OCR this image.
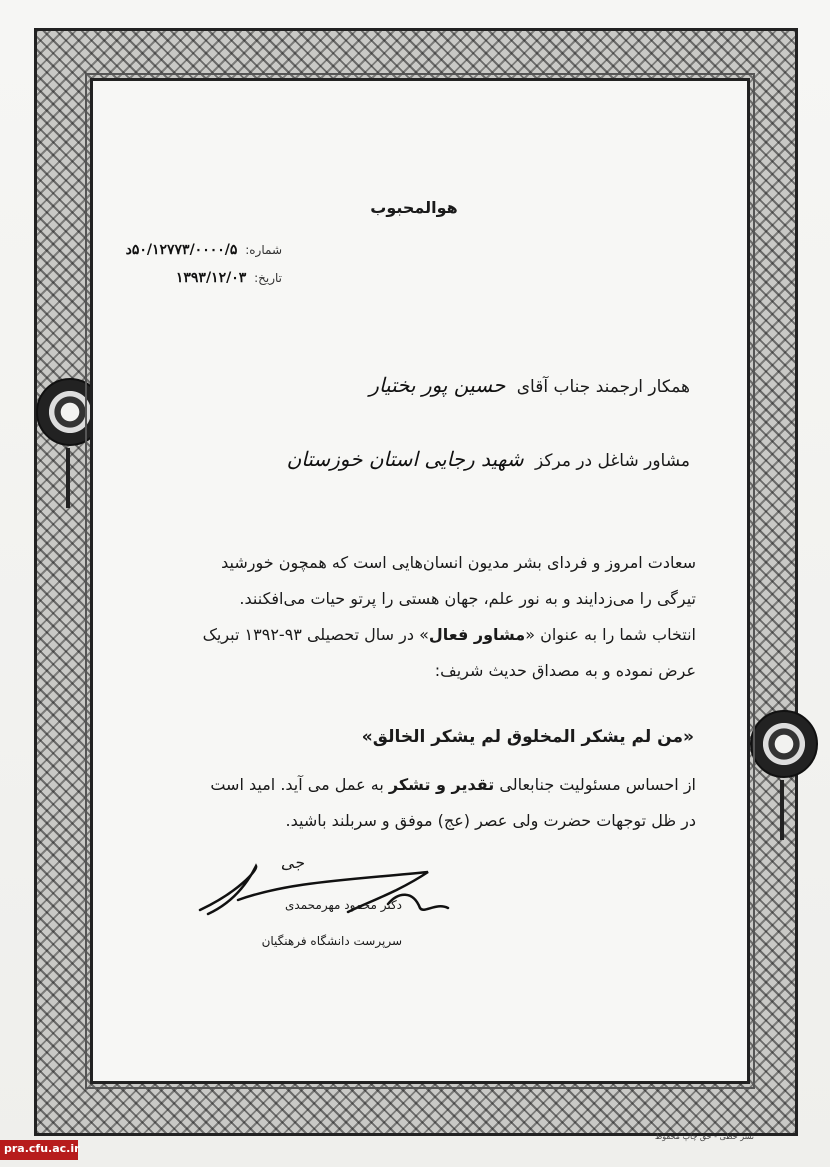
هوالمحبوب
شماره: ۵۰/۱۲۷۷۳/۰۰۰۰/۵د
تاریخ: ۱۳۹۳/۱۲/۰۳
همکار ارجمند جناب آقای حسین پور بختیار
مشاور شاغل در مرکز شهید رجایی استان خوزستان
سعادت امروز و فردای بشر مدیون انسان‌هایی است که همچون خورشید
تیرگی را می‌زدایند و به نور علم، جهان هستی را پرتو حیات می‌افکنند.
انتخاب شما را به عنوان «مشاور فعال» در سال تحصیلی ۹۳-۱۳۹۲ تبریک
عرض نموده و به مصداق حدیث شریف:
«من لم یشکر المخلوق لم یشکر الخالق»
از احساس مسئولیت جنابعالی تقدیر و تشکر به عمل می آید. امید است
در ظل توجهات حضرت ولی عصر (عج) موفق و سربلند باشید.
جی
دکتر محمود مهرمحمدی
سرپرست دانشگاه فرهنگیان
نشر خطی - حق چاپ محفوظ
pra.cfu.ac.ir
